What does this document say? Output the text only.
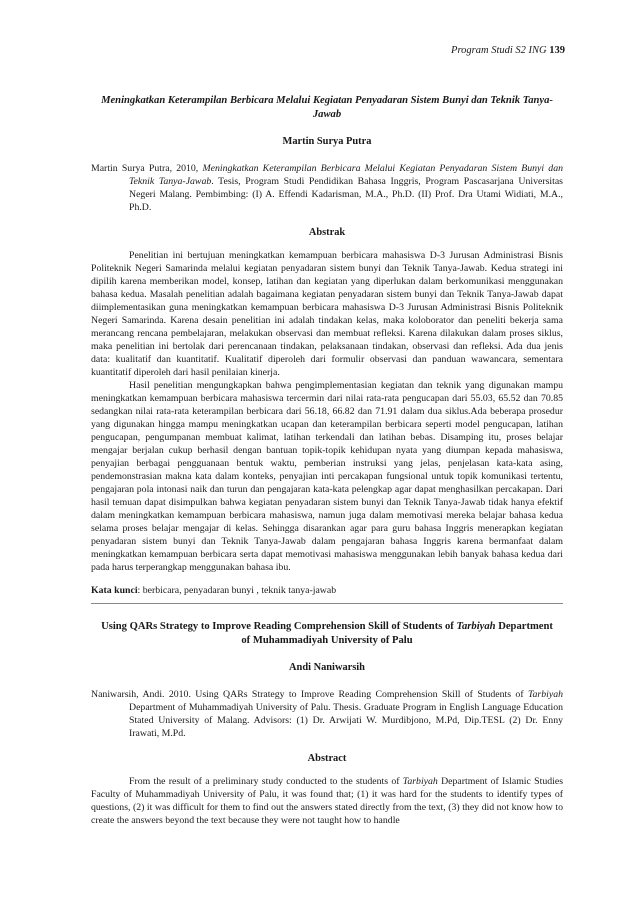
Program Studi S2 ING 139
Meningkatkan Keterampilan Berbicara Melalui Kegiatan Penyadaran Sistem Bunyi dan Teknik Tanya-Jawab
Martin Surya Putra
Martin Surya Putra, 2010, Meningkatkan Keterampilan Berbicara Melalui Kegiatan Penyadaran Sistem Bunyi dan Teknik Tanya-Jawab. Tesis, Program Studi Pendidikan Bahasa Inggris, Program Pascasarjana Universitas Negeri Malang. Pembimbing: (I) A. Effendi Kadarisman, M.A., Ph.D. (II) Prof. Dra Utami Widiati, M.A., Ph.D.
Abstrak

Penelitian ini bertujuan meningkatkan kemampuan berbicara mahasiswa D-3 Jurusan Administrasi Bisnis Politeknik Negeri Samarinda melalui kegiatan penyadaran sistem bunyi dan Teknik Tanya-Jawab. Kedua strategi ini dipilih karena memberikan model, konsep, latihan dan kegiatan yang diperlukan dalam berkomunikasi menggunakan bahasa kedua. Masalah penelitian adalah bagaimana kegiatan penyadaran sistem bunyi dan Teknik Tanya-Jawab dapat diimplementasikan guna meningkatkan kemampuan berbicara mahasiswa D-3 Jurusan Administrasi Bisnis Politeknik Negeri Samarinda. Karena desain penelitian ini adalah tindakan kelas, maka koloborator dan peneliti bekerja sama merancang rencana pembelajaran, melakukan observasi dan membuat refleksi. Karena dilakukan dalam proses siklus, maka penelitian ini bertolak dari perencanaan tindakan, pelaksanaan tindakan, observasi dan refleksi. Ada dua jenis data: kualitatif dan kuantitatif. Kualitatif diperoleh dari formulir observasi dan panduan wawancara, sementara kuantitatif diperoleh dari hasil penilaian kinerja.

Hasil penelitian mengungkapkan bahwa pengimplementasian kegiatan dan teknik yang digunakan mampu meningkatkan kemampuan berbicara mahasiswa tercermin dari nilai rata-rata pengucapan dari 55.03, 65.52 dan 70.85 sedangkan nilai rata-rata keterampilan berbicara dari 56.18, 66.82 dan 71.91 dalam dua siklus.Ada beberapa prosedur yang digunakan hingga mampu meningkatkan ucapan dan keterampilan berbicara seperti model pengucapan, latihan pengucapan, pengumpanan membuat kalimat, latihan terkendali dan latihan bebas. Disamping itu, proses belajar mengajar berjalan cukup berhasil dengan bantuan topik-topik kehidupan nyata yang diumpan kepada mahasiswa, penyajian berbagai pengguanaan bentuk waktu, pemberian instruksi yang jelas, penjelasan kata-kata asing, pendemonstrasian makna kata dalam konteks, penyajian inti percakapan fungsional untuk topik komunikasi tertentu, pengajaran pola intonasi naik dan turun dan pengajaran kata-kata pelengkap agar dapat menghasilkan percakapan. Dari hasil temuan dapat disimpulkan bahwa kegiatan penyadaran sistem bunyi dan Teknik Tanya-Jawab tidak hanya efektif dalam meningkatkan kemampuan berbicara mahasiswa, namun juga dalam memotivasi mereka belajar bahasa kedua selama proses belajar mengajar di kelas. Sehingga disarankan agar para guru bahasa Inggris menerapkan kegiatan penyadaran sistem bunyi dan Teknik Tanya-Jawab dalam pengajaran bahasa Inggris karena bermanfaat dalam meningkatkan kemampuan berbicara serta dapat memotivasi mahasiswa menggunakan lebih banyak bahasa kedua dari pada harus terperangkap menggunakan bahasa ibu.

Kata kunci: berbicara, penyadaran bunyi , teknik tanya-jawab
Using QARs Strategy to Improve Reading Comprehension Skill of Students of Tarbiyah Department of Muhammadiyah University of Palu
Andi Naniwarsih
Naniwarsih, Andi. 2010. Using QARs Strategy to Improve Reading Comprehension Skill of Students of Tarbiyah Department of Muhammadiyah University of Palu. Thesis. Graduate Program in English Language Education Stated University of Malang. Advisors: (1) Dr. Arwijati W. Murdibjono, M.Pd, Dip.TESL (2) Dr. Enny Irawati, M.Pd.
Abstract
From the result of a preliminary study conducted to the students of Tarbiyah Department of Islamic Studies Faculty of Muhammadiyah University of Palu, it was found that; (1) it was hard for the students to identify types of questions, (2) it was difficult for them to find out the answers stated directly from the text, (3) they did not know how to create the answers beyond the text because they were not taught how to handle
